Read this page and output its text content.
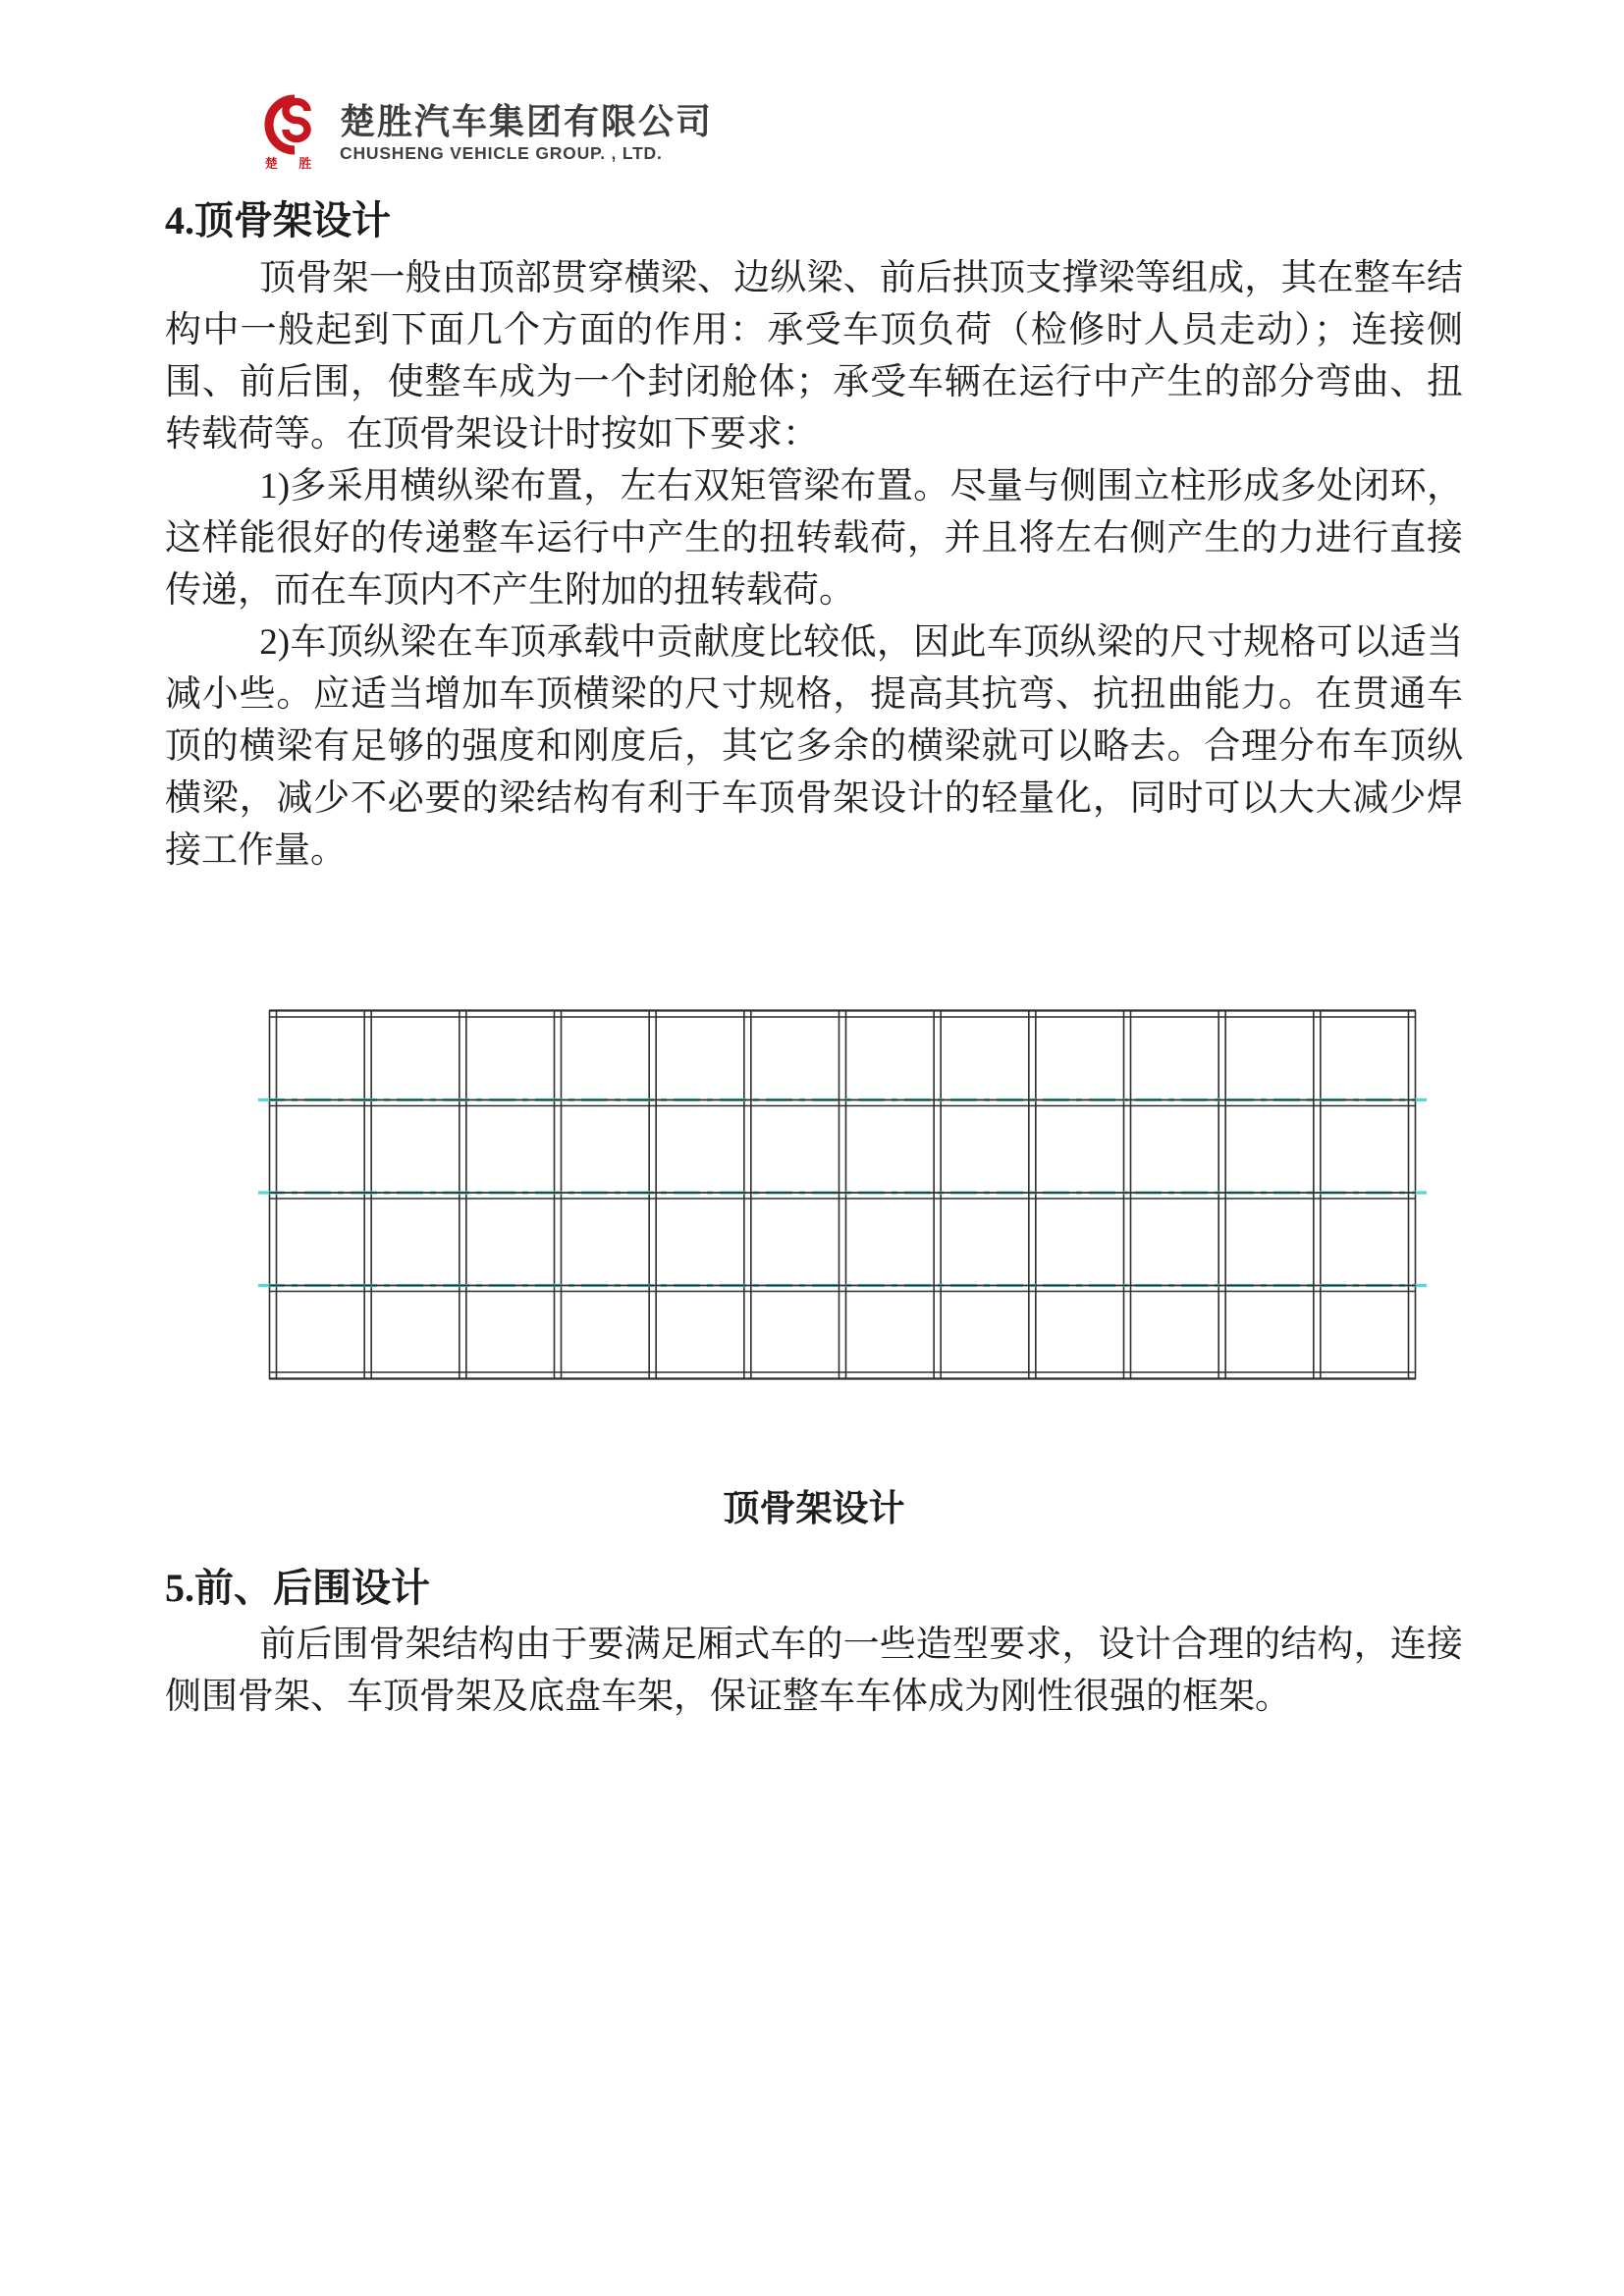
楚 胜
楚胜汽车集团有限公司
CHUSHENG VEHICLE GROUP. , LTD.
4.顶骨架设计

顶骨架一般由顶部贯穿横梁、边纵梁、前后拱顶支撑梁等组成，其在整车结构中一般起到下面几个方面的作用：承受车顶负荷（检修时人员走动）；连接侧围、前后围，使整车成为一个封闭舱体；承受车辆在运行中产生的部分弯曲、扭转载荷等。在顶骨架设计时按如下要求：

1)多采用横纵梁布置，左右双矩管梁布置。尽量与侧围立柱形成多处闭环，这样能很好的传递整车运行中产生的扭转载荷，并且将左右侧产生的力进行直接传递，而在车顶内不产生附加的扭转载荷。

2)车顶纵梁在车顶承载中贡献度比较低，因此车顶纵梁的尺寸规格可以适当减小些。应适当增加车顶横梁的尺寸规格，提高其抗弯、抗扭曲能力。在贯通车顶的横梁有足够的强度和刚度后，其它多余的横梁就可以略去。合理分布车顶纵横梁，减少不必要的梁结构有利于车顶骨架设计的轻量化，同时可以大大减少焊接工作量。

顶骨架设计
5.前、后围设计

前后围骨架结构由于要满足厢式车的一些造型要求，设计合理的结构，连接侧围骨架、车顶骨架及底盘车架，保证整车车体成为刚性很强的框架。
